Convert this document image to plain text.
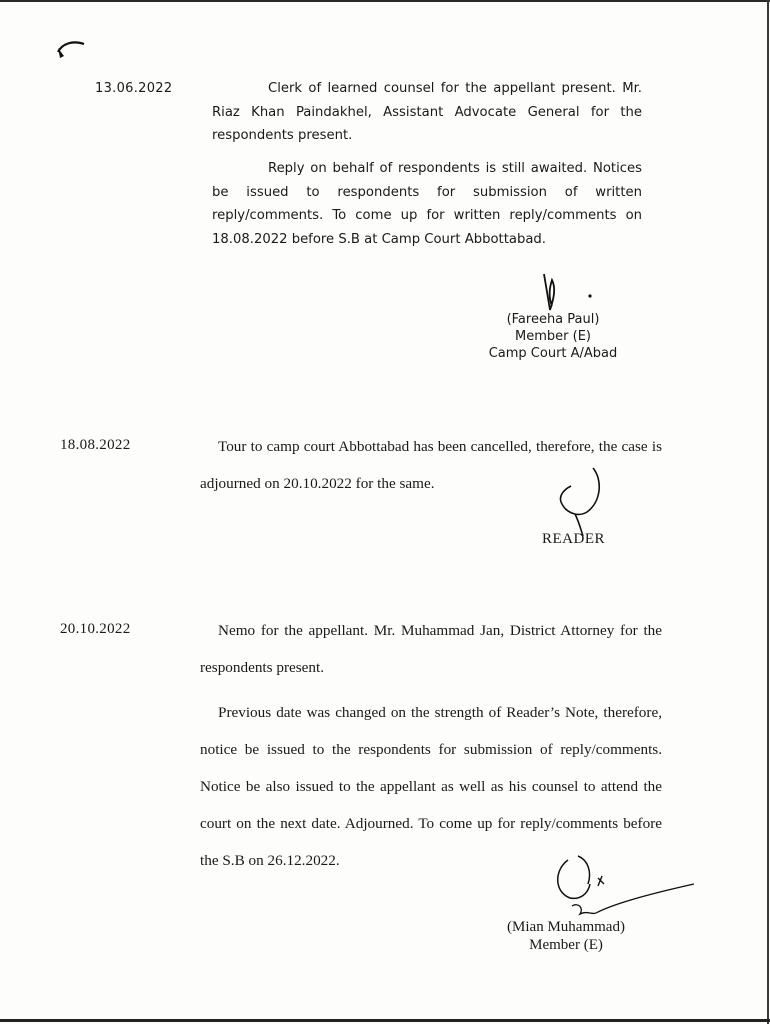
13.06.2022	Clerk of learned counsel for the appellant present. Mr. Riaz Khan Paindakhel, Assistant Advocate General for the respondents present.

Reply on behalf of respondents is still awaited. Notices be issued to respondents for submission of written reply/comments. To come up for written reply/comments on 18.08.2022 before S.B at Camp Court Abbottabad.

(Fareeha Paul)
Member (E)
Camp Court A/Abad
18.08.2022	Tour to camp court Abbottabad has been cancelled, therefore, the case is adjourned on 20.10.2022 for the same.

READER
20.10.2022	Nemo for the appellant. Mr. Muhammad Jan, District Attorney for the respondents present.

Previous date was changed on the strength of Reader’s Note, therefore, notice be issued to the respondents for submission of reply/comments. Notice be also issued to the appellant as well as his counsel to attend the court on the next date. Adjourned. To come up for reply/comments before the S.B on 26.12.2022.

(Mian Muhammad)
Member (E)
